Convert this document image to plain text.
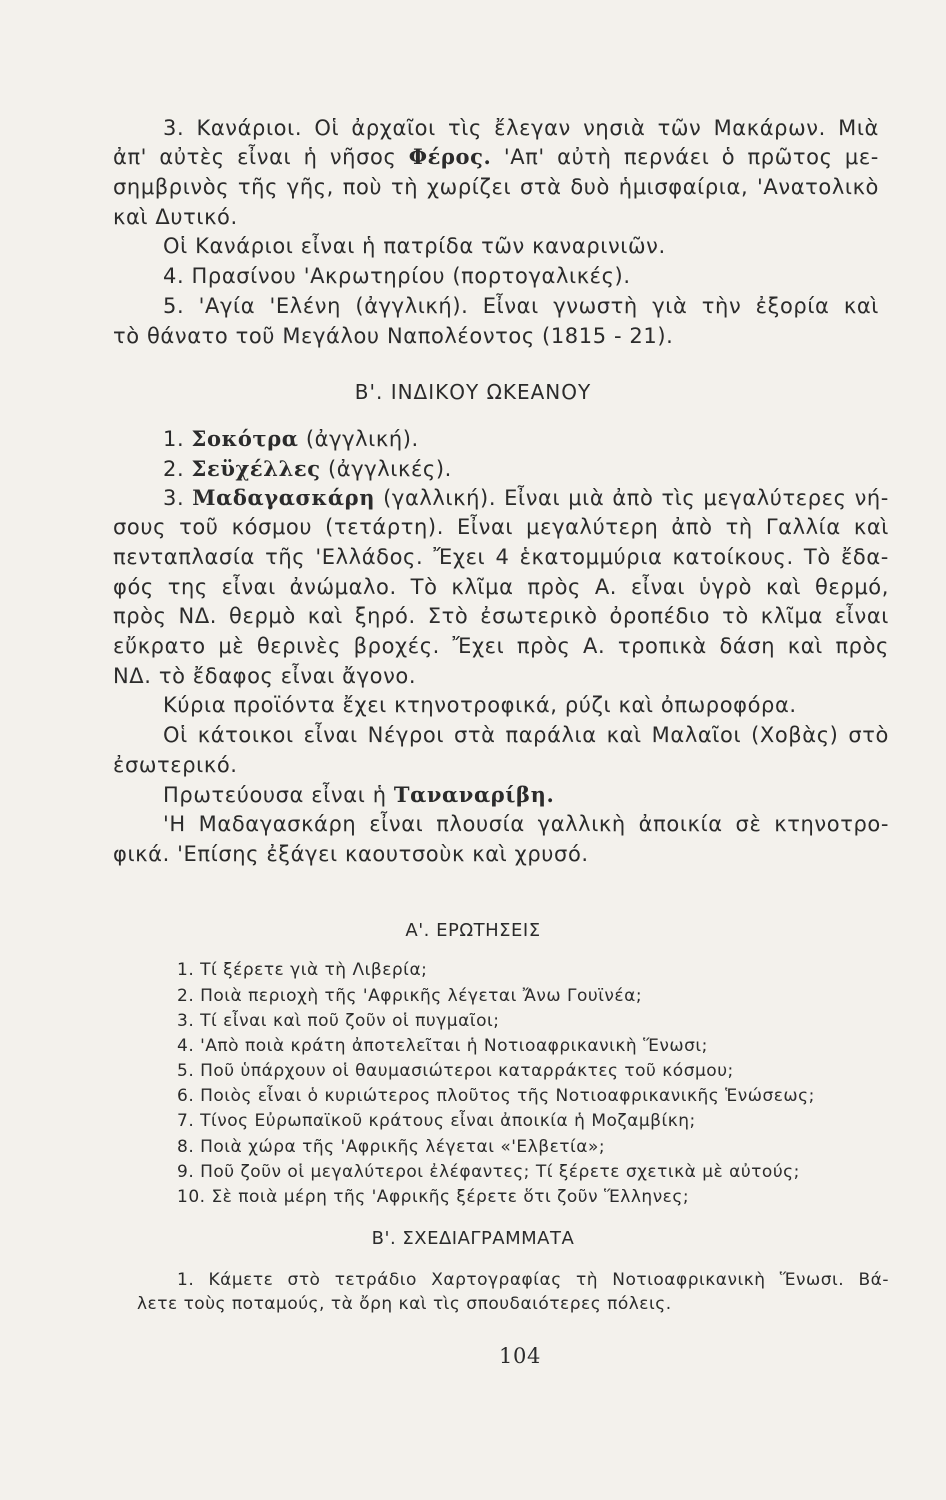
3. Κανάριοι. Οἱ ἀρχαῖοι τὶς ἔλεγαν νησιὰ τῶν Μακάρων. Μιὰ
ἀπ' αὐτὲς εἶναι ἡ νῆσος Φέρος. 'Απ' αὐτὴ περνάει ὁ πρῶτος με-
σημβρινὸς τῆς γῆς, ποὺ τὴ χωρίζει στὰ δυὸ ἡμισφαίρια, 'Ανατολικὸ
καὶ Δυτικό.
Οἱ Κανάριοι εἶναι ἡ πατρίδα τῶν καναρινιῶν.
4. Πρασίνου 'Ακρωτηρίου (πορτογαλικές).
5. 'Αγία 'Ελένη (ἀγγλική). Εἶναι γνωστὴ γιὰ τὴν ἐξορία καὶ
τὸ θάνατο τοῦ Μεγάλου Ναπολέοντος (1815 - 21).
Β'. ΙΝΔΙΚΟΥ ΩΚΕΑΝΟΥ
1. Σοκότρα (ἀγγλική).
2. Σεϋχέλλες (ἀγγλικές).
3. Μαδαγασκάρη (γαλλική). Εἶναι μιὰ ἀπὸ τὶς μεγαλύτερες νή-
σους τοῦ κόσμου (τετάρτη). Εἶναι μεγαλύτερη ἀπὸ τὴ Γαλλία καὶ
πενταπλασία τῆς 'Ελλάδος. Ἔχει 4 ἑκατομμύρια κατοίκους. Τὸ ἔδα-
φός της εἶναι ἀνώμαλο. Τὸ κλῖμα πρὸς Α. εἶναι ὑγρὸ καὶ θερμό,
πρὸς ΝΔ. θερμὸ καὶ ξηρό. Στὸ ἐσωτερικὸ ὀροπέδιο τὸ κλῖμα εἶναι
εὔκρατο μὲ θερινὲς βροχές. Ἔχει πρὸς Α. τροπικὰ δάση καὶ πρὸς
ΝΔ. τὸ ἔδαφος εἶναι ἄγονο.
Κύρια προϊόντα ἔχει κτηνοτροφικά, ρύζι καὶ ὀπωροφόρα.
Οἱ κάτοικοι εἶναι Νέγροι στὰ παράλια καὶ Μαλαῖοι (Χοβὰς) στὸ
ἐσωτερικό.
Πρωτεύουσα εἶναι ἡ Ταναναρίβη.
'Η Μαδαγασκάρη εἶναι πλουσία γαλλικὴ ἀποικία σὲ κτηνοτρο-
φικά. 'Επίσης ἐξάγει καουτσοὺκ καὶ χρυσό.
Α'. ΕΡΩΤΗΣΕΙΣ
1. Τί ξέρετε γιὰ τὴ Λιβερία;
2. Ποιὰ περιοχὴ τῆς 'Αφρικῆς λέγεται Ἄνω Γουϊνέα;
3. Τί εἶναι καὶ ποῦ ζοῦν οἱ πυγμαῖοι;
4. 'Απὸ ποιὰ κράτη ἀποτελεῖται ἡ Νοτιοαφρικανικὴ Ἕνωσι;
5. Ποῦ ὑπάρχουν οἱ θαυμασιώτεροι καταρράκτες τοῦ κόσμου;
6. Ποιὸς εἶναι ὁ κυριώτερος πλοῦτος τῆς Νοτιοαφρικανικῆς Ἑνώσεως;
7. Τίνος Εὐρωπαϊκοῦ κράτους εἶναι ἀποικία ἡ Μοζαμβίκη;
8. Ποιὰ χώρα τῆς 'Αφρικῆς λέγεται «'Ελβετία»;
9. Ποῦ ζοῦν οἱ μεγαλύτεροι ἐλέφαντες; Τί ξέρετε σχετικὰ μὲ αὐτούς;
10. Σὲ ποιὰ μέρη τῆς 'Αφρικῆς ξέρετε ὅτι ζοῦν Ἕλληνες;
Β'. ΣΧΕΔΙΑΓΡΑΜΜΑΤΑ
1. Κάμετε στὸ τετράδιο Χαρτογραφίας τὴ Νοτιοαφρικανικὴ Ἕνωσι. Βά-
λετε τοὺς ποταμούς, τὰ ὄρη καὶ τὶς σπουδαιότερες πόλεις.
104
